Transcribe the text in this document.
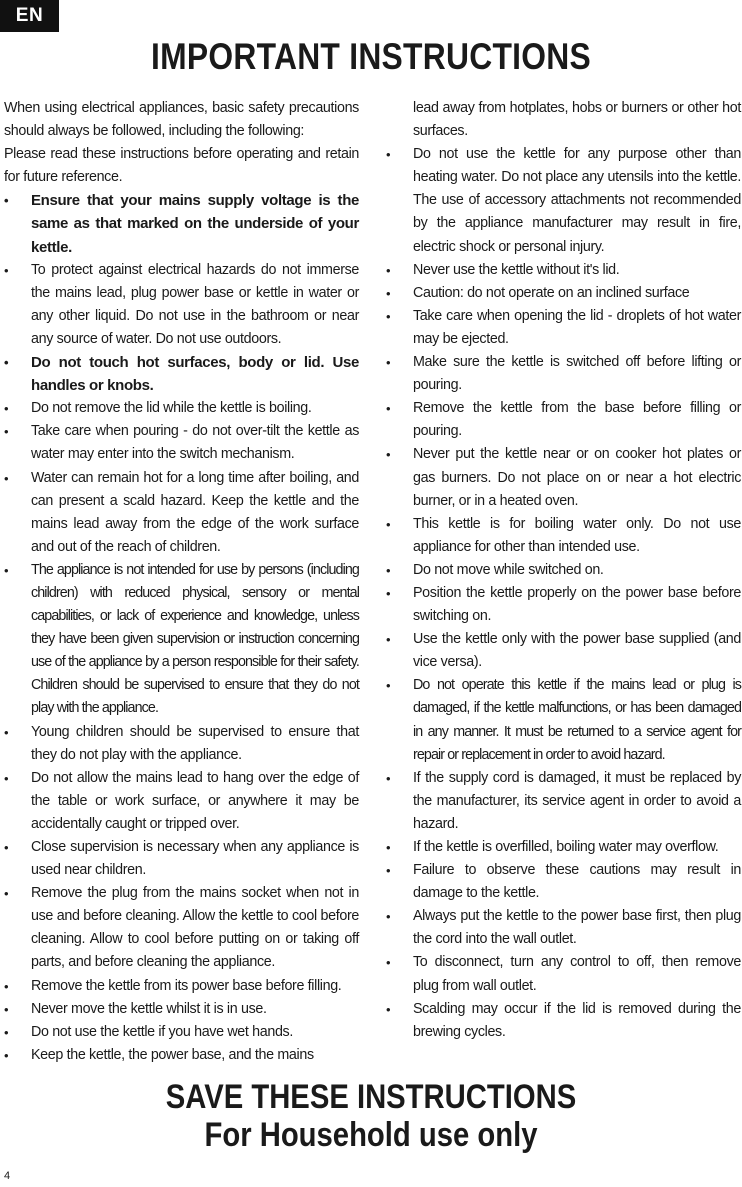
EN
IMPORTANT INSTRUCTIONS

When using electrical appliances, basic safety precautions should always be followed, including the following:

Please read these instructions before operating and retain for future reference.

• Ensure that your mains supply voltage is the same as that marked on the underside of your kettle.
• To protect against electrical hazards do not immerse the mains lead, plug power base or kettle in water or any other liquid. Do not use in the bathroom or near any source of water. Do not use outdoors.
• Do not touch hot surfaces, body or lid. Use handles or knobs.
• Do not remove the lid while the kettle is boiling.
• Take care when pouring - do not over-tilt the kettle as water may enter into the switch mechanism.
• Water can remain hot for a long time after boiling, and can present a scald hazard. Keep the kettle and the mains lead away from the edge of the work surface and out of the reach of children.
• The appliance is not intended for use by persons (including children) with reduced physical, sensory or mental capabilities, or lack of experience and knowledge, unless they have been given supervision or instruction concerning use of the appliance by a person responsible for their safety. Children should be supervised to ensure that they do not play with the appliance.
• Young children should be supervised to ensure that they do not play with the appliance.
• Do not allow the mains lead to hang over the edge of the table or work surface, or anywhere it may be accidentally caught or tripped over.
• Close supervision is necessary when any appliance is used near children.
• Remove the plug from the mains socket when not in use and before cleaning. Allow the kettle to cool before cleaning. Allow to cool before putting on or taking off parts, and before cleaning the appliance.
• Remove the kettle from its power base before filling.
• Never move the kettle whilst it is in use.
• Do not use the kettle if you have wet hands.
• Keep the kettle, the power base, and the mains
lead away from hotplates, hobs or burners or other hot surfaces.
• Do not use the kettle for any purpose other than heating water. Do not place any utensils into the kettle. The use of accessory attachments not recommended by the appliance manufacturer may result in fire, electric shock or personal injury.
• Never use the kettle without it's lid.
• Caution: do not operate on an inclined surface
• Take care when opening the lid - droplets of hot water may be ejected.
• Make sure the kettle is switched off before lifting or pouring.
• Remove the kettle from the base before filling or pouring.
• Never put the kettle near or on cooker hot plates or gas burners. Do not place on or near a hot electric burner, or in a heated oven.
• This kettle is for boiling water only. Do not use appliance for other than intended use.
• Do not move while switched on.
• Position the kettle properly on the power base before switching on.
• Use the kettle only with the power base supplied (and vice versa).
• Do not operate this kettle if the mains lead or plug is damaged, if the kettle malfunctions, or has been damaged in any manner. It must be returned to a service agent for repair or replacement in order to avoid hazard.
• If the supply cord is damaged, it must be replaced by the manufacturer, its service agent in order to avoid a hazard.
• If the kettle is overfilled, boiling water may overflow.
• Failure to observe these cautions may result in damage to the kettle.
• Always put the kettle to the power base first, then plug the cord into the wall outlet.
• To disconnect, turn any control to off, then remove plug from wall outlet.
• Scalding may occur if the lid is removed during the brewing cycles.
SAVE THESE INSTRUCTIONS
For Household use only
4
